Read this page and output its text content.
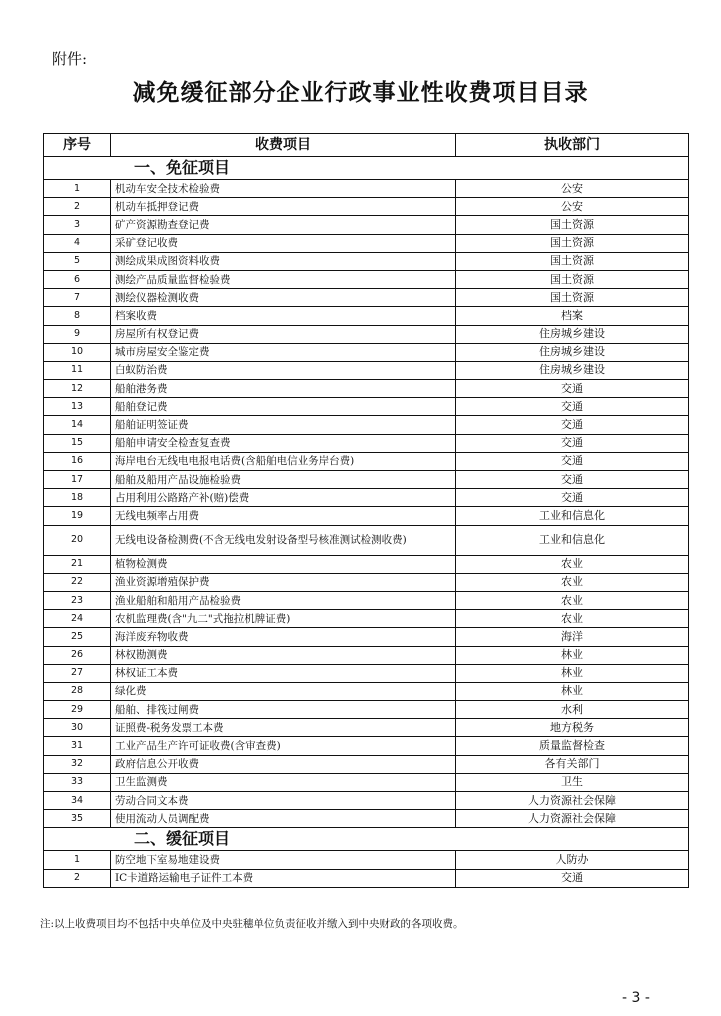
附件:
减免缓征部分企业行政事业性收费项目目录
序号	收费项目	执收部门
一、免征项目		
1	机动车安全技术检验费	公安
2	机动车抵押登记费	公安
3	矿产资源勘查登记费	国土资源
4	采矿登记收费	国土资源
5	测绘成果成图资料收费	国土资源
6	测绘产品质量监督检验费	国土资源
7	测绘仪器检测收费	国土资源
8	档案收费	档案
9	房屋所有权登记费	住房城乡建设
10	城市房屋安全鉴定费	住房城乡建设
11	白蚁防治费	住房城乡建设
12	船舶港务费	交通
13	船舶登记费	交通
14	船舶证明签证费	交通
15	船舶申请安全检查复查费	交通
16	海岸电台无线电电报电话费(含船舶电信业务岸台费)	交通
17	船舶及船用产品设施检验费	交通
18	占用利用公路路产补(赔)偿费	交通
19	无线电频率占用费	工业和信息化
20	无线电设备检测费(不含无线电发射设备型号核准测试检测收费)	工业和信息化
21	植物检测费	农业
22	渔业资源增殖保护费	农业
23	渔业船舶和船用产品检验费	农业
24	农机监理费(含"九二"式拖拉机牌证费)	农业
25	海洋废弃物收费	海洋
26	林权勘测费	林业
27	林权证工本费	林业
28	绿化费	林业
29	船舶、排筏过闸费	水利
30	证照费-税务发票工本费	地方税务
31	工业产品生产许可证收费(含审查费)	质量监督检查
32	政府信息公开收费	各有关部门
33	卫生监测费	卫生
34	劳动合同文本费	人力资源社会保障
35	使用流动人员调配费	人力资源社会保障
二、缓征项目		
1	防空地下室易地建设费	人防办
2	IC卡道路运输电子证件工本费	交通
注:以上收费项目均不包括中央单位及中央驻穗单位负责征收并缴入到中央财政的各项收费。
- 3 -
